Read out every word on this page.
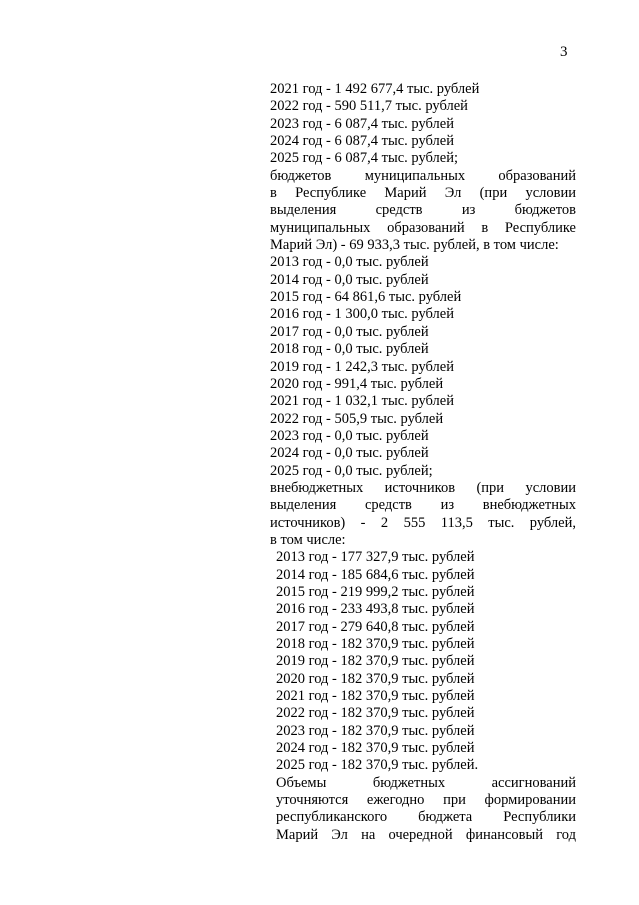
3
2021 год - 1 492 677,4 тыс. рублей
2022 год - 590 511,7 тыс. рублей
2023 год - 6 087,4 тыс. рублей
2024 год - 6 087,4 тыс. рублей
2025 год - 6 087,4 тыс. рублей;
бюджетов муниципальных образований
в Республике Марий Эл (при условии
выделения средств из бюджетов
муниципальных образований в Республике
Марий Эл) - 69 933,3 тыс. рублей, в том числе:
2013 год - 0,0 тыс. рублей
2014 год - 0,0 тыс. рублей
2015 год - 64 861,6 тыс. рублей
2016 год - 1 300,0 тыс. рублей
2017 год - 0,0 тыс. рублей
2018 год - 0,0 тыс. рублей
2019 год - 1 242,3 тыс. рублей
2020 год - 991,4 тыс. рублей
2021 год - 1 032,1 тыс. рублей
2022 год - 505,9 тыс. рублей
2023 год - 0,0 тыс. рублей
2024 год - 0,0 тыс. рублей
2025 год - 0,0 тыс. рублей;
внебюджетных источников (при условии
выделения средств из внебюджетных
источников) - 2 555 113,5 тыс. рублей,
в том числе:
2013 год - 177 327,9 тыс. рублей
2014 год - 185 684,6 тыс. рублей
2015 год - 219 999,2 тыс. рублей
2016 год - 233 493,8 тыс. рублей
2017 год - 279 640,8 тыс. рублей
2018 год - 182 370,9 тыс. рублей
2019 год - 182 370,9 тыс. рублей
2020 год - 182 370,9 тыс. рублей
2021 год - 182 370,9 тыс. рублей
2022 год - 182 370,9 тыс. рублей
2023 год - 182 370,9 тыс. рублей
2024 год - 182 370,9 тыс. рублей
2025 год - 182 370,9 тыс. рублей.
Объемы бюджетных ассигнований
уточняются ежегодно при формировании
республиканского бюджета Республики
Марий Эл на очередной финансовый год
